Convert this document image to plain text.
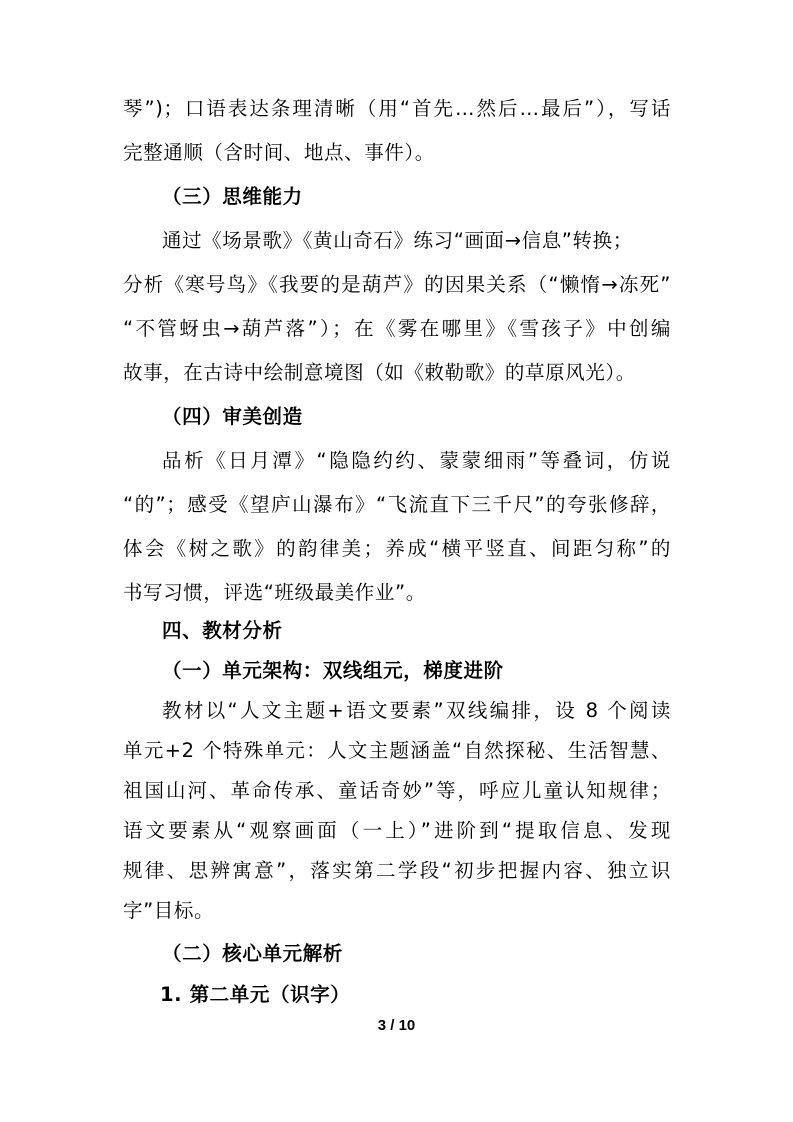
琴”)；口语表达条理清晰（用“首先…然后…最后”），写话
完整通顺（含时间、地点、事件）。
（三）思维能力
通过《场景歌》《黄山奇石》练习“画面→信息”转换；
分析《寒号鸟》《我要的是葫芦》的因果关系（“懒惰→冻死”
“不管蚜虫→葫芦落”）；在《雾在哪里》《雪孩子》中创编
故事，在古诗中绘制意境图（如《敕勒歌》的草原风光）。
（四）审美创造
品析《日月潭》“隐隐约约、蒙蒙细雨”等叠词，仿说
“的”；感受《望庐山瀑布》“飞流直下三千尺”的夸张修辞，
体会《树之歌》的韵律美；养成“横平竖直、间距匀称”的
书写习惯，评选“班级最美作业”。
四、教材分析
（一）单元架构：双线组元，梯度进阶
教材以“人文主题+语文要素”双线编排，设 8 个阅读
单元+2 个特殊单元：人文主题涵盖“自然探秘、生活智慧、
祖国山河、革命传承、童话奇妙”等，呼应儿童认知规律；
语文要素从“观察画面（一上）”进阶到“提取信息、发现
规律、思辨寓意”，落实第二学段“初步把握内容、独立识
字”目标。
（二）核心单元解析
3 / 10
1. 第二单元（识字）
